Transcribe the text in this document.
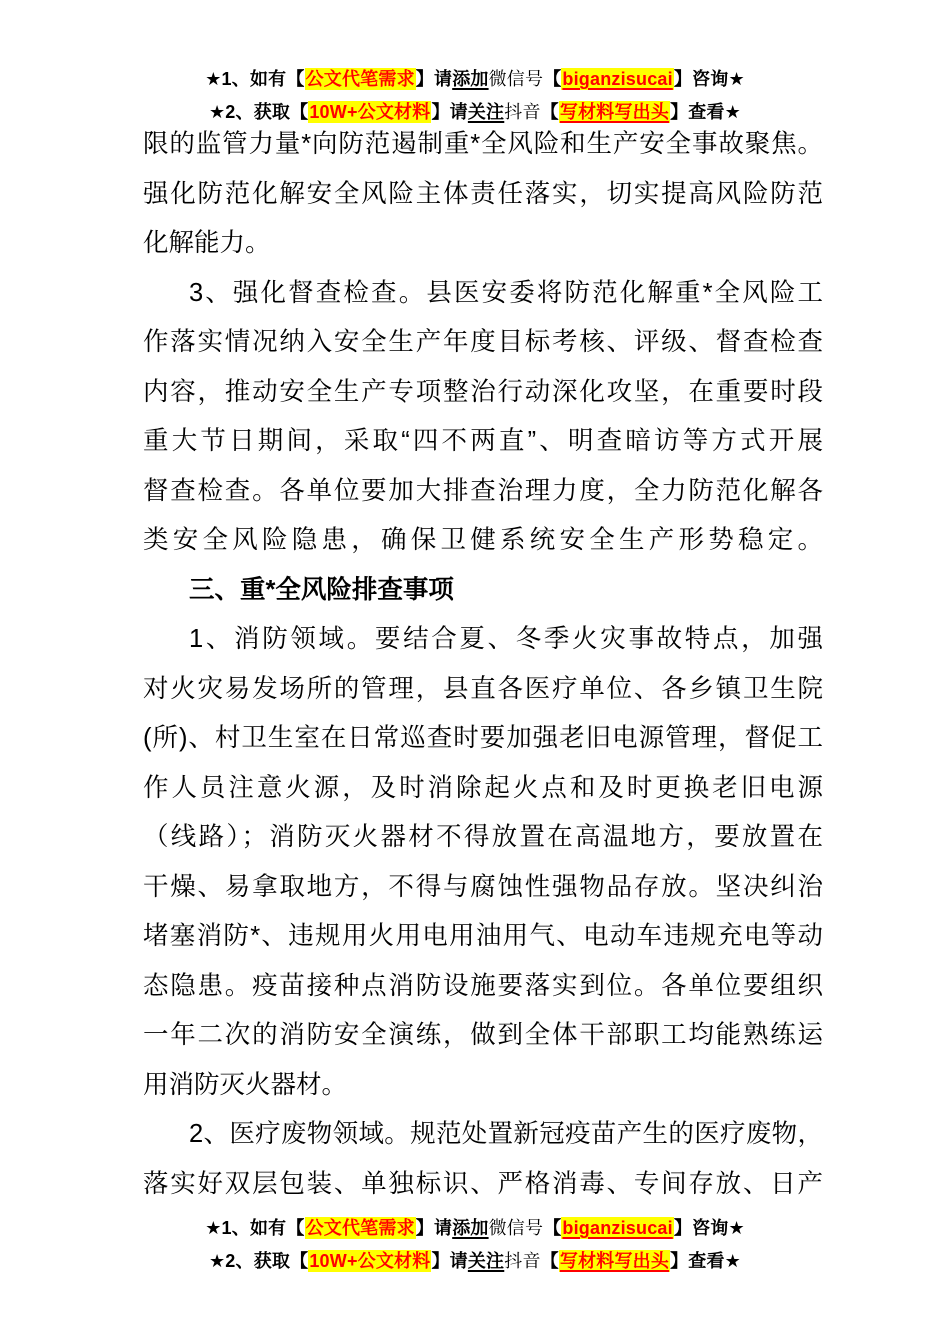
★1、如有【公文代笔需求】请添加微信号【biganzisucai】咨询★
★2、获取【10W+公文材料】请关注抖音【写材料写出头】查看★
限的监管力量*向防范遏制重*全风险和生产安全事故聚焦。
强化防范化解安全风险主体责任落实，切实提高风险防范
化解能力。
3、强化督查检查。县医安委将防范化解重*全风险工
作落实情况纳入安全生产年度目标考核、评级、督查检查
内容，推动安全生产专项整治行动深化攻坚，在重要时段
重大节日期间，采取“四不两直”、明查暗访等方式开展
督查检查。各单位要加大排查治理力度，全力防范化解各
类安全风险隐患，确保卫健系统安全生产形势稳定。
三、重*全风险排查事项
1、消防领域。要结合夏、冬季火灾事故特点，加强
对火灾易发场所的管理，县直各医疗单位、各乡镇卫生院
(所)、村卫生室在日常巡查时要加强老旧电源管理，督促工
作人员注意火源，及时消除起火点和及时更换老旧电源
（线路）；消防灭火器材不得放置在高温地方，要放置在
干燥、易拿取地方，不得与腐蚀性强物品存放。坚决纠治
堵塞消防*、违规用火用电用油用气、电动车违规充电等动
态隐患。疫苗接种点消防设施要落实到位。各单位要组织
一年二次的消防安全演练，做到全体干部职工均能熟练运
用消防灭火器材。
2、医疗废物领域。规范处置新冠疫苗产生的医疗废物，
落实好双层包装、单独标识、严格消毒、专间存放、日产
★1、如有【公文代笔需求】请添加微信号【biganzisucai】咨询★
★2、获取【10W+公文材料】请关注抖音【写材料写出头】查看★
